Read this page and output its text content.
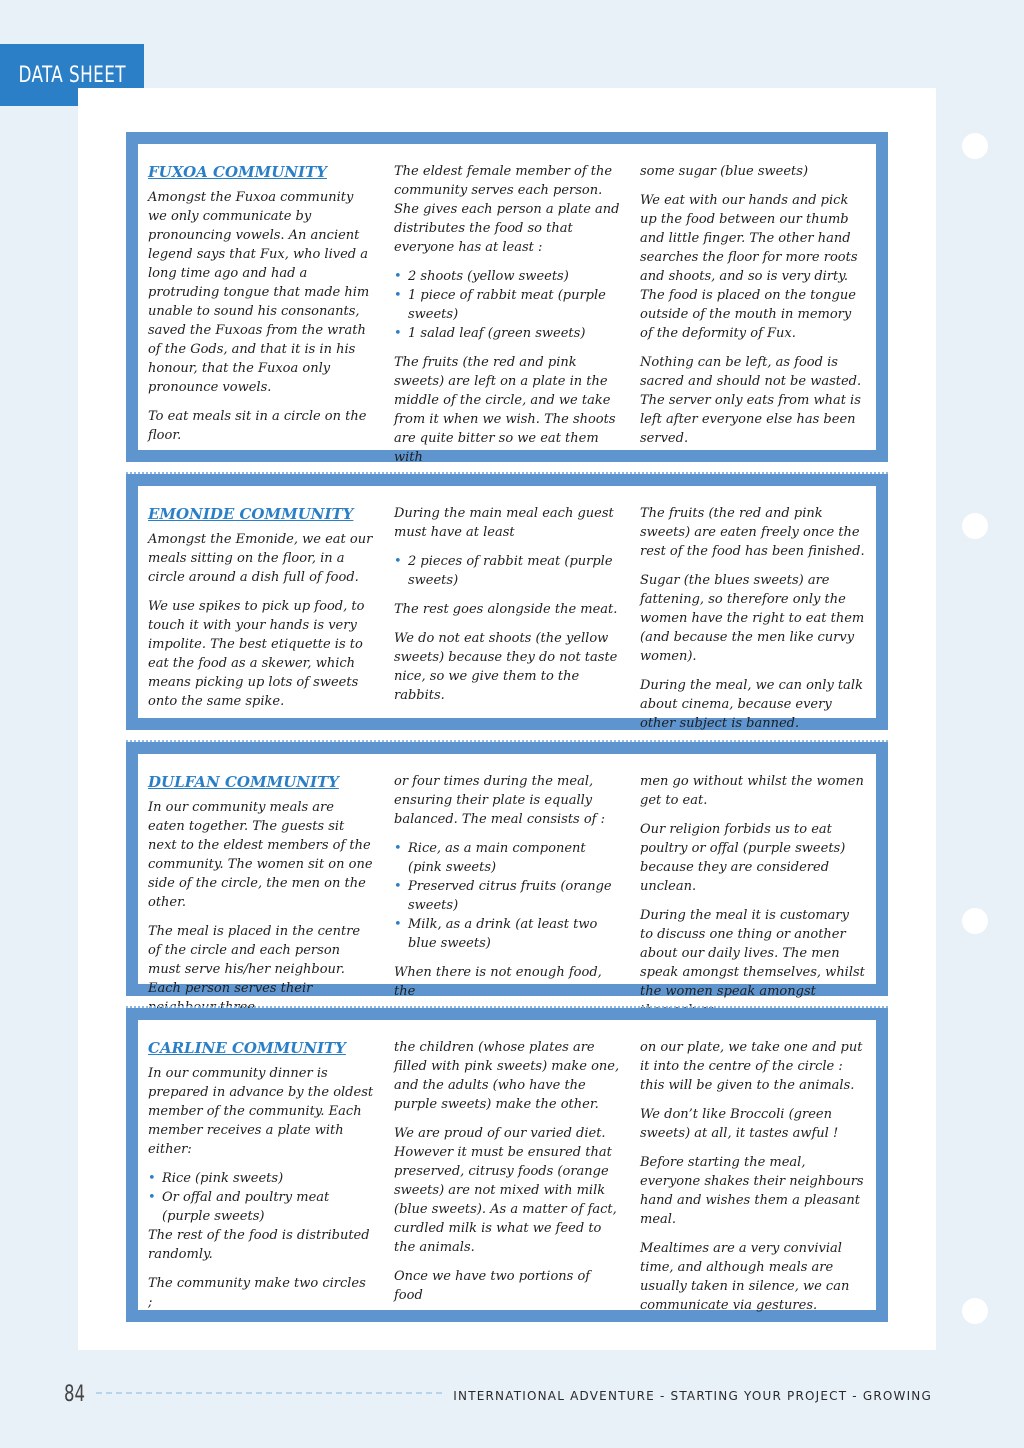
DATA SHEET
FUXOA COMMUNITY

Amongst the Fuxoa community we only communicate by pronouncing vowels. An ancient legend says that Fux, who lived a long time ago and had a protruding tongue that made him unable to sound his consonants, saved the Fuxoas from the wrath of the Gods, and that it is in his honour, that the Fuxoa only pronounce vowels.

To eat meals sit in a circle on the floor.

The eldest female member of the community serves each person. She gives each person a plate and distributes the food so that everyone has at least :

• 2 shoots (yellow sweets)
• 1 piece of rabbit meat (purple sweets)
• 1 salad leaf (green sweets)

The fruits (the red and pink sweets) are left on a plate in the middle of the circle, and we take from it when we wish. The shoots are quite bitter so we eat them with

some sugar (blue sweets)

We eat with our hands and pick up the food between our thumb and little finger. The other hand searches the floor for more roots and shoots, and so is very dirty. The food is placed on the tongue outside of the mouth in memory of the deformity of Fux.

Nothing can be left, as food is sacred and should not be wasted. The server only eats from what is left after everyone else has been served.

EMONIDE COMMUNITY

Amongst the Emonide, we eat our meals sitting on the floor, in a circle around a dish full of food.

We use spikes to pick up food, to touch it with your hands is very impolite. The best etiquette is to eat the food as a skewer, which means picking up lots of sweets onto the same spike.

During the main meal each guest must have at least

• 2 pieces of rabbit meat (purple sweets)

The rest goes alongside the meat.

We do not eat shoots (the yellow sweets) because they do not taste nice, so we give them to the rabbits.

The fruits (the red and pink sweets) are eaten freely once the rest of the food has been finished.

Sugar (the blues sweets) are fattening, so therefore only the women have the right to eat them (and because the men like curvy women).

During the meal, we can only talk about cinema, because every other subject is banned.

DULFAN COMMUNITY

In our community meals are eaten together. The guests sit next to the eldest members of the community. The women sit on one side of the circle, the men on the other.

The meal is placed in the centre of the circle and each person must serve his/her neighbour. Each person serves their

or four times during the meal, ensuring their plate is equally balanced. The meal consists of :

• Rice, as a main component (pink sweets)
• Preserved citrus fruits (orange sweets)
• Milk, as a drink (at least two blue sweets)

When there is not enough food, the

men go without whilst the women get to eat.

Our religion forbids us to eat poultry or offal (purple sweets) because they are considered unclean.

During the meal it is customary to discuss one thing or another about our daily lives. The men speak amongst themselves, whilst the women speak amongst

CARLINE COMMUNITY

In our community dinner is prepared in advance by the oldest member of the community. Each member receives a plate with either:

• Rice (pink sweets)
• Or offal and poultry meat (purple sweets)

The rest of the food is distributed randomly.

The community make two circles ;

the children (whose plates are filled with pink sweets) make one, and the adults (who have the purple sweets) make the other.

We are proud of our varied diet. However it must be ensured that preserved, citrusy foods (orange sweets) are not mixed with milk (blue sweets). As a matter of fact, curdled milk is what we feed to the animals.

Once we have two portions of food

on our plate, we take one and put it into the centre of the circle : this will be given to the animals.

We don’t like Broccoli (green sweets) at all, it tastes awful !

Before starting the meal, everyone shakes their neighbours hand and wishes them a pleasant meal.

Mealtimes are a very convivial time, and although meals are usually taken in silence, we can communicate via gestures.

84	INTERNATIONAL ADVENTURE - STARTING YOUR PROJECT - GROWING
